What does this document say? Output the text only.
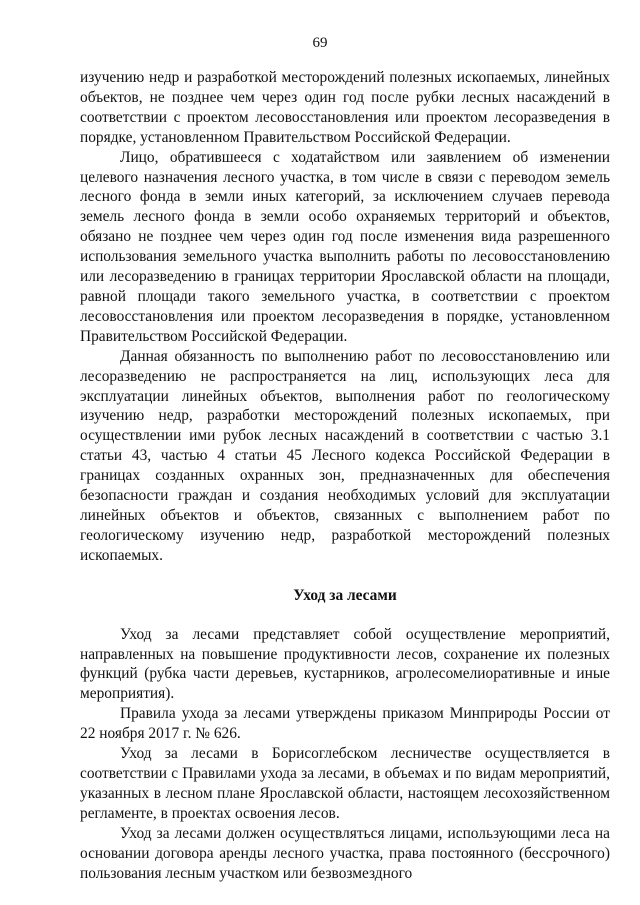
69

изучению недр и разработкой месторождений полезных ископаемых, линейных объектов, не позднее чем через один год после рубки лесных насаждений в соответствии с проектом лесовосстановления или проектом лесоразведения в порядке, установленном Правительством Российской Федерации.

Лицо, обратившееся с ходатайством или заявлением об изменении целевого назначения лесного участка, в том числе в связи с переводом земель лесного фонда в земли иных категорий, за исключением случаев перевода земель лесного фонда в земли особо охраняемых территорий и объектов, обязано не позднее чем через один год после изменения вида разрешенного использования земельного участка выполнить работы по лесовосстановлению или лесоразведению в границах территории Ярославской области на площади, равной площади такого земельного участка, в соответствии с проектом лесовосстановления или проектом лесоразведения в порядке, установленном Правительством Российской Федерации.

Данная обязанность по выполнению работ по лесовосстановлению или лесоразведению не распространяется на лиц, использующих леса для эксплуатации линейных объектов, выполнения работ по геологическому изучению недр, разработки месторождений полезных ископаемых, при осуществлении ими рубок лесных насаждений в соответствии с частью 3.1 статьи 43, частью 4 статьи 45 Лесного кодекса Российской Федерации в границах созданных охранных зон, предназначенных для обеспечения безопасности граждан и создания необходимых условий для эксплуатации линейных объектов и объектов, связанных с выполнением работ по геологическому изучению недр, разработкой месторождений полезных ископаемых.

Уход за лесами

Уход за лесами представляет собой осуществление мероприятий, направленных на повышение продуктивности лесов, сохранение их полезных функций (рубка части деревьев, кустарников, агролесомелиоративные и иные мероприятия).

Правила ухода за лесами утверждены приказом Минприроды России от 22 ноября 2017 г. № 626.

Уход за лесами в Борисоглебском лесничестве осуществляется в соответствии с Правилами ухода за лесами, в объемах и по видам мероприятий, указанных в лесном плане Ярославской области, настоящем лесохозяйственном регламенте, в проектах освоения лесов.

Уход за лесами должен осуществляться лицами, использующими леса на основании договора аренды лесного участка, права постоянного (бессрочного) пользования лесным участком или безвозмездного
